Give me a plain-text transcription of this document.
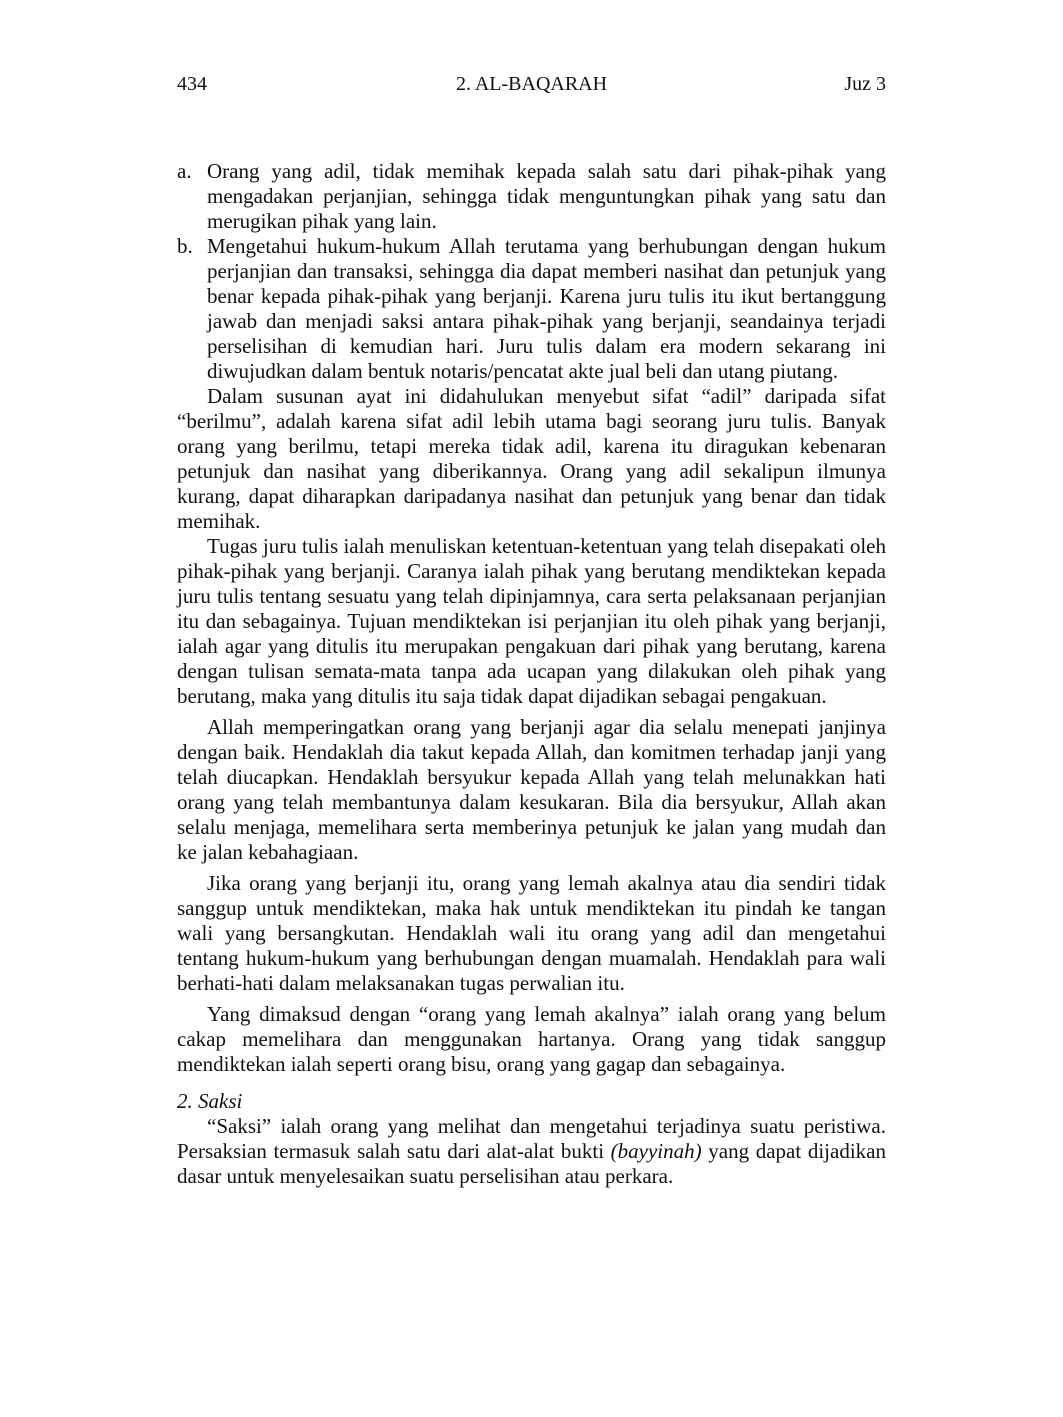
434	2. AL-BAQARAH	Juz 3
a. Orang yang adil, tidak memihak kepada salah satu dari pihak-pihak yang mengadakan perjanjian, sehingga tidak menguntungkan pihak yang satu dan merugikan pihak yang lain.
b. Mengetahui hukum-hukum Allah terutama yang berhubungan dengan hukum perjanjian dan transaksi, sehingga dia dapat memberi nasihat dan petunjuk yang benar kepada pihak-pihak yang berjanji. Karena juru tulis itu ikut bertanggung jawab dan menjadi saksi antara pihak-pihak yang berjanji, seandainya terjadi perselisihan di kemudian hari. Juru tulis dalam era modern sekarang ini diwujudkan dalam bentuk notaris/pencatat akte jual beli dan utang piutang.

Dalam susunan ayat ini didahulukan menyebut sifat “adil” daripada sifat “berilmu”, adalah karena sifat adil lebih utama bagi seorang juru tulis. Banyak orang yang berilmu, tetapi mereka tidak adil, karena itu diragukan kebenaran petunjuk dan nasihat yang diberikannya. Orang yang adil sekalipun ilmunya kurang, dapat diharapkan daripadanya nasihat dan petunjuk yang benar dan tidak memihak.

Tugas juru tulis ialah menuliskan ketentuan-ketentuan yang telah disepakati oleh pihak-pihak yang berjanji. Caranya ialah pihak yang berutang mendiktekan kepada juru tulis tentang sesuatu yang telah dipinjamnya, cara serta pelaksanaan perjanjian itu dan sebagainya. Tujuan mendiktekan isi perjanjian itu oleh pihak yang berjanji, ialah agar yang ditulis itu merupakan pengakuan dari pihak yang berutang, karena dengan tulisan semata-mata tanpa ada ucapan yang dilakukan oleh pihak yang berutang, maka yang ditulis itu saja tidak dapat dijadikan sebagai pengakuan.

Allah memperingatkan orang yang berjanji agar dia selalu menepati janjinya dengan baik. Hendaklah dia takut kepada Allah, dan komitmen terhadap janji yang telah diucapkan. Hendaklah bersyukur kepada Allah yang telah melunakkan hati orang yang telah membantunya dalam kesukaran. Bila dia bersyukur, Allah akan selalu menjaga, memelihara serta memberinya petunjuk ke jalan yang mudah dan ke jalan kebahagiaan.

Jika orang yang berjanji itu, orang yang lemah akalnya atau dia sendiri tidak sanggup untuk mendiktekan, maka hak untuk mendiktekan itu pindah ke tangan wali yang bersangkutan. Hendaklah wali itu orang yang adil dan mengetahui tentang hukum-hukum yang berhubungan dengan muamalah. Hendaklah para wali berhati-hati dalam melaksanakan tugas perwalian itu.

Yang dimaksud dengan “orang yang lemah akalnya” ialah orang yang belum cakap memelihara dan menggunakan hartanya. Orang yang tidak sanggup mendiktekan ialah seperti orang bisu, orang yang gagap dan sebagainya.

2. Saksi

“Saksi” ialah orang yang melihat dan mengetahui terjadinya suatu peristiwa. Persaksian termasuk salah satu dari alat-alat bukti (bayyinah) yang dapat dijadikan dasar untuk menyelesaikan suatu perselisihan atau perkara.
